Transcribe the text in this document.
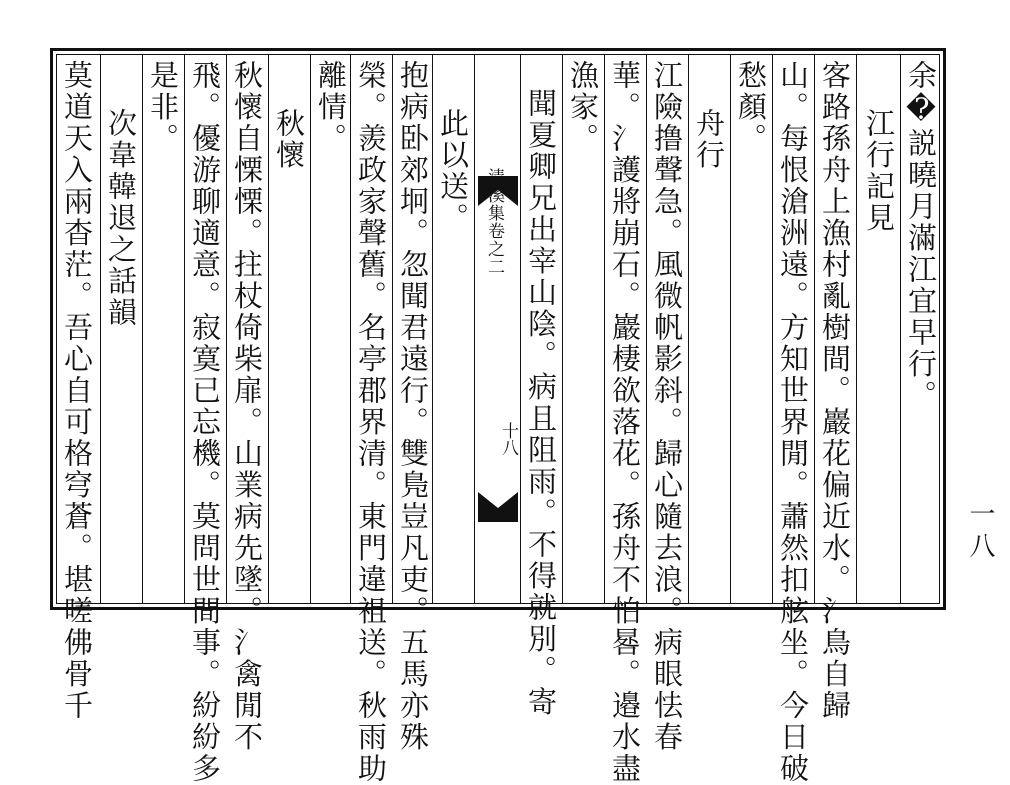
余�説曉月滿江宜早行。
江行記見
客路孫舟上漁村亂樹間。巖花偏近水。氵鳥自歸
山。每恨滄洲遠。方知世界閒。蕭然扣舷坐。今日破
愁顏。
舟行
江險撸聲急。風微帆影斜。歸心隨去浪。病眼怯春
華。氵護將崩石。巖棲欲落花。孫舟不怕晷。邉水盡
漁家。
聞夏卿兄出宰山陰。病且阻雨。不得就別。寄
清溪集卷之二
十八
此以送。
抱病卧郊坰。忽聞君遠行。雙鳬豈凡吏。五馬亦殊
榮。羨政家聲舊。名亭郡界清。東門違祖送。秋雨助
離情。
秋懷
秋懷自慄慄。拄杖倚柴扉。山業病先墜。氵禽閒不
飛。優游聊適意。寂寞已忘機。莫問世間事。紛紛多
是非。
次韋韓退之話韻
莫道天入兩杳茫。吾心自可格穹蒼。堪嗟佛骨千	一八
